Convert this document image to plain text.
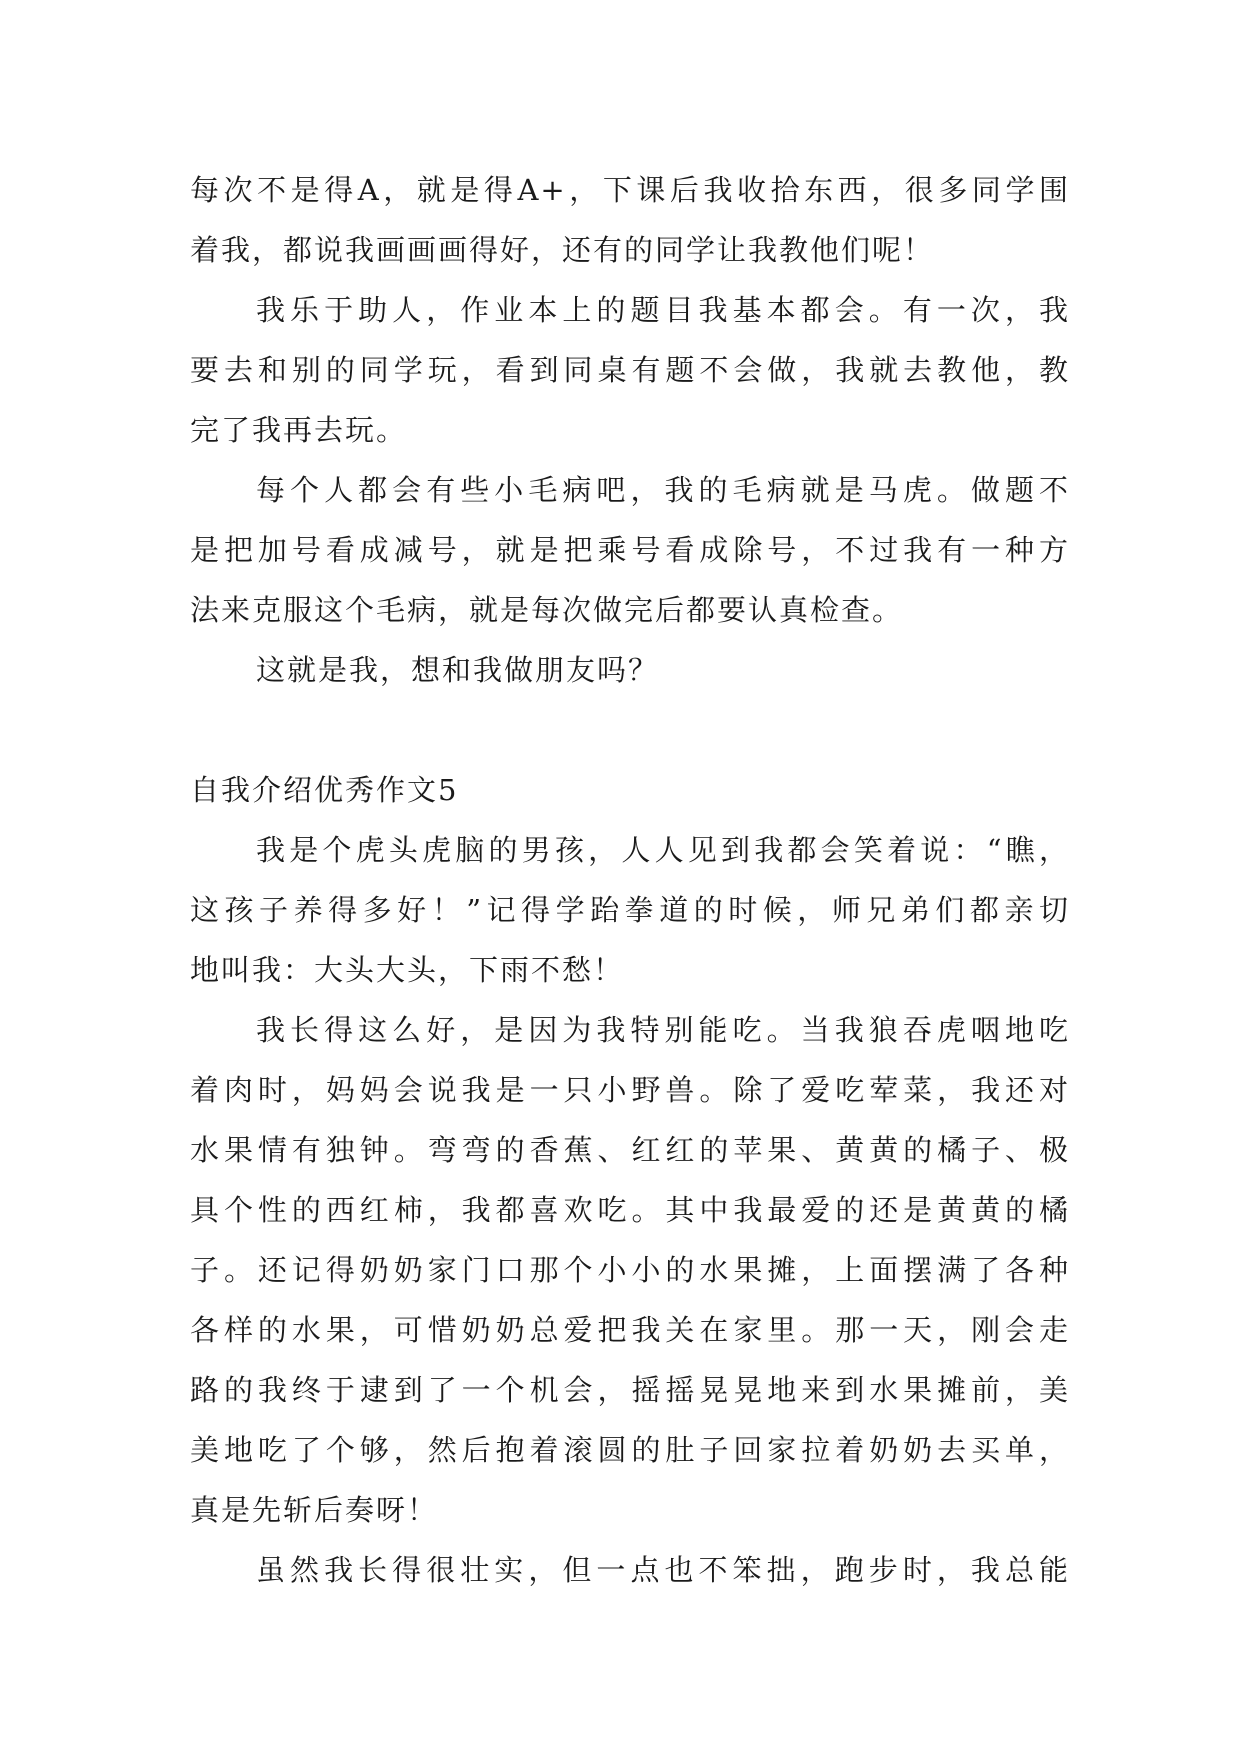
每次不是得A，就是得A+，下课后我收拾东西，很多同学围
着我，都说我画画画得好，还有的同学让我教他们呢！
我乐于助人，作业本上的题目我基本都会。有一次，我
要去和别的同学玩，看到同桌有题不会做，我就去教他，教
完了我再去玩。
每个人都会有些小毛病吧，我的毛病就是马虎。做题不
是把加号看成减号，就是把乘号看成除号，不过我有一种方
法来克服这个毛病，就是每次做完后都要认真检查。
这就是我，想和我做朋友吗？
自我介绍优秀作文5
我是个虎头虎脑的男孩，人人见到我都会笑着说：“瞧，
这孩子养得多好！”记得学跆拳道的时候，师兄弟们都亲切
地叫我：大头大头，下雨不愁！
我长得这么好，是因为我特别能吃。当我狼吞虎咽地吃
着肉时，妈妈会说我是一只小野兽。除了爱吃荤菜，我还对
水果情有独钟。弯弯的香蕉、红红的苹果、黄黄的橘子、极
具个性的西红柿，我都喜欢吃。其中我最爱的还是黄黄的橘
子。还记得奶奶家门口那个小小的水果摊，上面摆满了各种
各样的水果，可惜奶奶总爱把我关在家里。那一天，刚会走
路的我终于逮到了一个机会，摇摇晃晃地来到水果摊前，美
美地吃了个够，然后抱着滚圆的肚子回家拉着奶奶去买单，
真是先斩后奏呀！
虽然我长得很壮实，但一点也不笨拙，跑步时，我总能
